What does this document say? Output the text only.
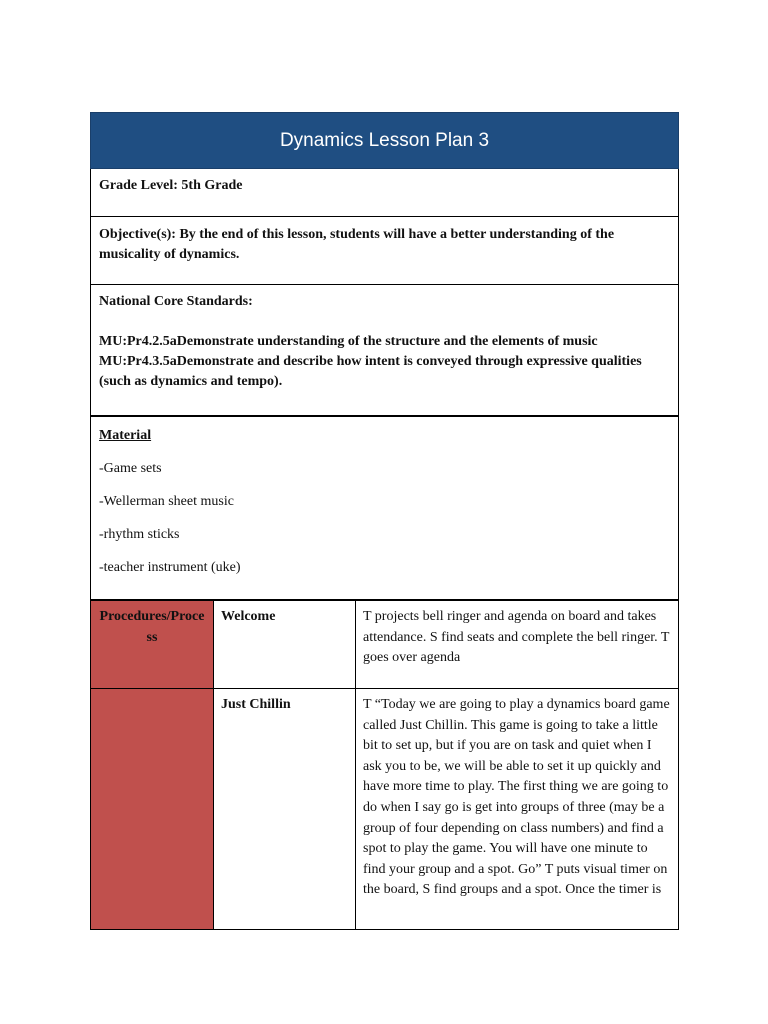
Dynamics Lesson Plan 3
Grade Level: 5th Grade
Objective(s): By the end of this lesson, students will have a better understanding of the musicality of dynamics.
National Core Standards:
MU:Pr4.2.5aDemonstrate understanding of the structure and the elements of music
MU:Pr4.3.5aDemonstrate and describe how intent is conveyed through expressive qualities (such as dynamics and tempo).
Material
-Game sets
-Wellerman sheet music
-rhythm sticks
-teacher instrument (uke)
Procedures/Process
Welcome	T projects bell ringer and agenda on board and takes attendance. S find seats and complete the bell ringer. T goes over agenda
Just Chillin	T “Today we are going to play a dynamics board game called Just Chillin. This game is going to take a little bit to set up, but if you are on task and quiet when I ask you to be, we will be able to set it up quickly and have more time to play. The first thing we are going to do when I say go is get into groups of three (may be a group of four depending on class numbers) and find a spot to play the game. You will have one minute to find your group and a spot. Go” T puts visual timer on the board, S find groups and a spot. Once the timer is
